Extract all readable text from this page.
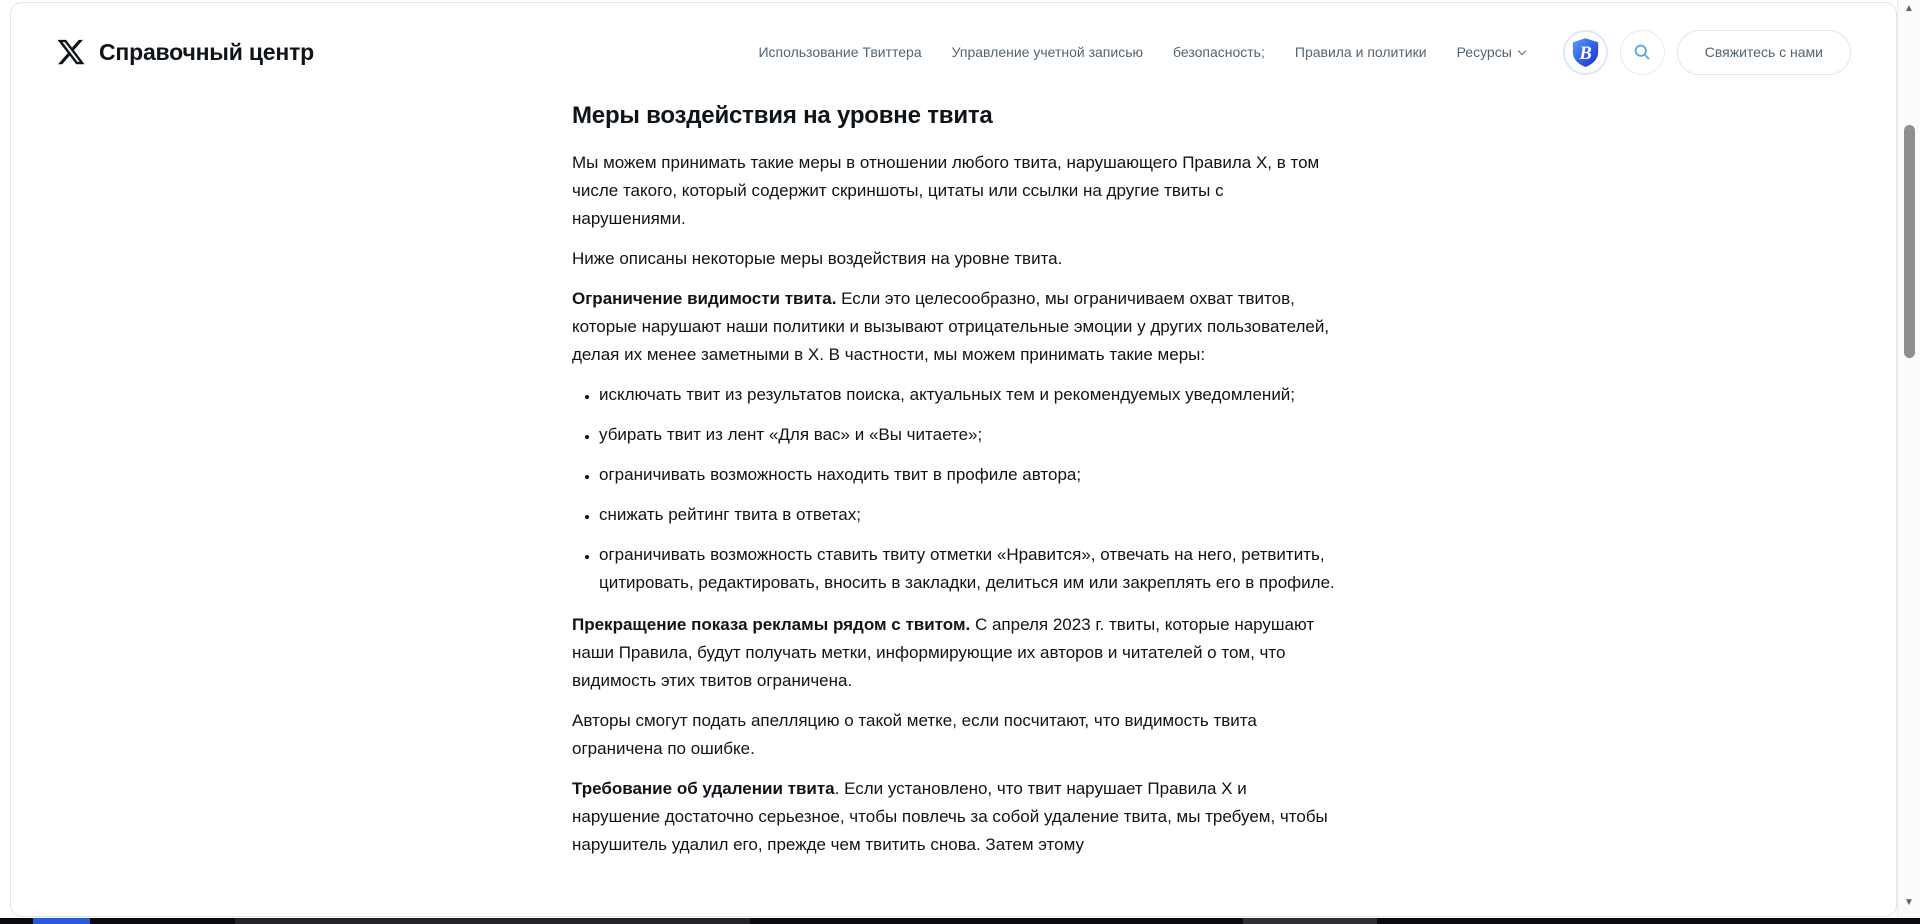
Справочный центр	Использование Твиттера Управление учетной записью безопасность; Правила и политики Ресурсы	B	Свяжитесь с нами
Меры воздействия на уровне твита

Мы можем принимать такие меры в отношении любого твита, нарушающего Правила X, в том числе такого, который содержит скриншоты, цитаты или ссылки на другие твиты с нарушениями.

Ниже описаны некоторые меры воздействия на уровне твита.

Ограничение видимости твита. Если это целесообразно, мы ограничиваем охват твитов, которые нарушают наши политики и вызывают отрицательные эмоции у других пользователей, делая их менее заметными в X. В частности, мы можем принимать такие меры:

• исключать твит из результатов поиска, актуальных тем и рекомендуемых уведомлений;
• убирать твит из лент «Для вас» и «Вы читаете»;
• ограничивать возможность находить твит в профиле автора;
• снижать рейтинг твита в ответах;
• ограничивать возможность ставить твиту отметки «Нравится», отвечать на него, ретвитить, цитировать, редактировать, вносить в закладки, делиться им или закреплять его в профиле.

Прекращение показа рекламы рядом с твитом. С апреля 2023 г. твиты, которые нарушают наши Правила, будут получать метки, информирующие их авторов и читателей о том, что видимость этих твитов ограничена.

Авторы смогут подать апелляцию о такой метке, если посчитают, что видимость твита ограничена по ошибке.

Требование об удалении твита. Если установлено, что твит нарушает Правила X и нарушение достаточно серьезное, чтобы повлечь за собой удаление твита, мы требуем, чтобы нарушитель удалил его, прежде чем твитить снова. Затем этому

▲
▼
